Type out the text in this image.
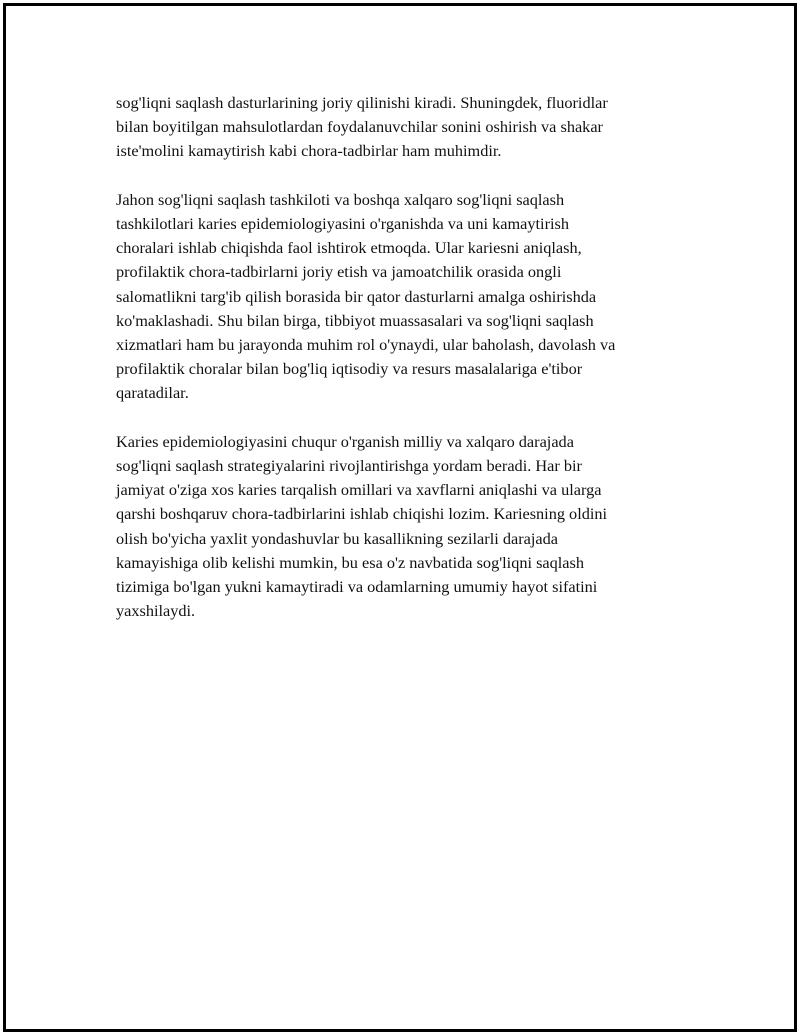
sog'liqni saqlash dasturlarining joriy qilinishi kiradi. Shuningdek, fluoridlar
bilan boyitilgan mahsulotlardan foydalanuvchilar sonini oshirish va shakar
iste'molini kamaytirish kabi chora-tadbirlar ham muhimdir.

Jahon sog'liqni saqlash tashkiloti va boshqa xalqaro sog'liqni saqlash
tashkilotlari karies epidemiologiyasini o'rganishda va uni kamaytirish
choralari ishlab chiqishda faol ishtirok etmoqda. Ular kariesni aniqlash,
profilaktik chora-tadbirlarni joriy etish va jamoatchilik orasida ongli
salomatlikni targ'ib qilish borasida bir qator dasturlarni amalga oshirishda
ko'maklashadi. Shu bilan birga, tibbiyot muassasalari va sog'liqni saqlash
xizmatlari ham bu jarayonda muhim rol o'ynaydi, ular baholash, davolash va
profilaktik choralar bilan bog'liq iqtisodiy va resurs masalalariga e'tibor
qaratadilar.

Karies epidemiologiyasini chuqur o'rganish milliy va xalqaro darajada
sog'liqni saqlash strategiyalarini rivojlantirishga yordam beradi. Har bir
jamiyat o'ziga xos karies tarqalish omillari va xavflarni aniqlashi va ularga
qarshi boshqaruv chora-tadbirlarini ishlab chiqishi lozim. Kariesning oldini
olish bo'yicha yaxlit yondashuvlar bu kasallikning sezilarli darajada
kamayishiga olib kelishi mumkin, bu esa o'z navbatida sog'liqni saqlash
tizimiga bo'lgan yukni kamaytiradi va odamlarning umumiy hayot sifatini
yaxshilaydi.
